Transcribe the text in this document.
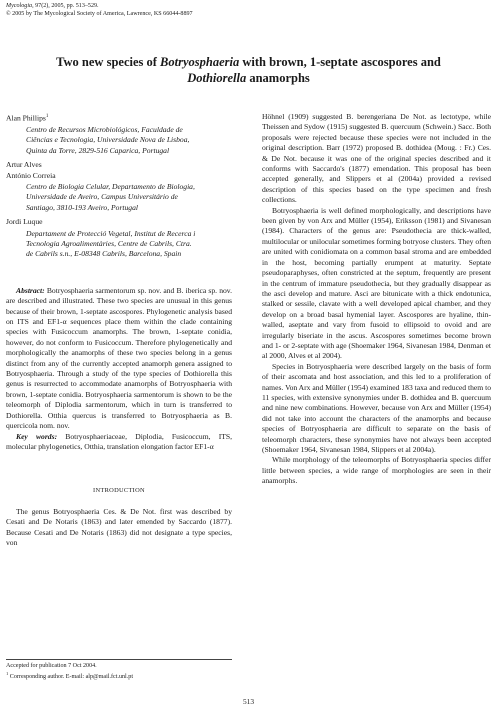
Mycologia, 97(2), 2005, pp. 513–529.
© 2005 by The Mycological Society of America, Lawrence, KS 66044-8897
Two new species of Botryosphaeria with brown, 1-septate ascospores and
Dothiorella anamorphs

Alan Phillips$^1$

Centro de Recursos Microbiológicos, Faculdade de
Ciências e Tecnologia, Universidade Nova de Lisboa,
Quinta da Torre, 2829-516 Caparica, Portugal

Artur Alves

António Correia

Centro de Biologia Celular, Departamento de Biologia,
Universidade de Aveiro, Campus Universitário de
Santiago, 3810-193 Aveiro, Portugal

Jordi Luque

Departament de Protecció Vegetal, Institut de Recerca i
Tecnologia Agroalimentàries, Centre de Cabrils, Ctra.
de Cabrils s.n., E-08348 Cabrils, Barcelona, Spain

Abstract: Botryosphaeria sarmentorum sp. nov. and B. iberica sp. nov. are described and illustrated. These two species are unusual in this genus because of their brown, 1-septate ascospores. Phylogenetic analysis based on ITS and EF1-α sequences place them within the clade containing species with Fusicoccum anamorphs. The brown, 1-septate conidia, however, do not conform to Fusicoccum. Therefore phylogenetically and morphologically the anamorphs of these two species belong in a genus distinct from any of the currently accepted anamorph genera assigned to Botryosphaeria. Through a study of the type species of Dothiorella this genus is resurrected to accommodate anamorphs of Botryosphaeria with brown, 1-septate conidia. Botryosphaeria sarmentorum is shown to be the teleomorph of Diplodia sarmentorum, which in turn is transferred to Dothiorella. Otthia quercus is transferred to Botryosphaeria as B. quercicola nom. nov.

Key words: Botryosphaeriaceae, Diplodia, Fusicoccum, ITS, molecular phylogenetics, Otthia, translation elongation factor EF1-α

INTRODUCTION

The genus Botryosphaeria Ces. & De Not. first was described by Cesati and De Notaris (1863) and later emended by Saccardo (1877). Because Cesati and De Notaris (1863) did not designate a type species, von

Accepted for publication 7 Oct 2004.
$^1$ Corresponding author. E-mail: alp@mail.fct.unl.pt

Höhnel (1909) suggested B. berengeriana De Not. as lectotype, while Theissen and Sydow (1915) suggested B. quercuum (Schwein.) Sacc. Both proposals were rejected because these species were not included in the original description. Barr (1972) proposed B. dothidea (Moug. : Fr.) Ces. & De Not. because it was one of the original species described and it conforms with Saccardo's (1877) emendation. This proposal has been accepted generally, and Slippers et al (2004a) provided a revised description of this species based on the type specimen and fresh collections.

Botryosphaeria is well defined morphologically, and descriptions have been given by von Arx and Müller (1954), Eriksson (1981) and Sivanesan (1984). Characters of the genus are: Pseudothecia are thick-walled, multilocular or unilocular sometimes forming botryose clusters. They often are united with conidiomata on a common basal stroma and are embedded in the host, becoming partially erumpent at maturity. Septate pseudoparaphyses, often constricted at the septum, frequently are present in the centrum of immature pseudothecia, but they gradually disappear as the asci develop and mature. Asci are bitunicate with a thick endotunica, stalked or sessile, clavate with a well developed apical chamber, and they develop on a broad basal hymenial layer. Ascospores are hyaline, thin-walled, aseptate and vary from fusoid to ellipsoid to ovoid and are irregularly biseriate in the ascus. Ascospores sometimes become brown and 1- or 2-septate with age (Shoemaker 1964, Sivanesan 1984, Denman et al 2000, Alves et al 2004).

Species in Botryosphaeria were described largely on the basis of form of their ascomata and host association, and this led to a proliferation of names. Von Arx and Müller (1954) examined 183 taxa and reduced them to 11 species, with extensive synonymies under B. dothidea and B. quercuum and nine new combinations. However, because von Arx and Müller (1954) did not take into account the characters of the anamorphs and because species of Botryosphaeria are difficult to separate on the basis of teleomorph characters, these synonymies have not always been accepted (Shoemaker 1964, Sivanesan 1984, Slippers et al 2004a).

While morphology of the teleomorphs of Botryosphaeria species differ little between species, a wide range of morphologies are seen in their anamorphs.

513
